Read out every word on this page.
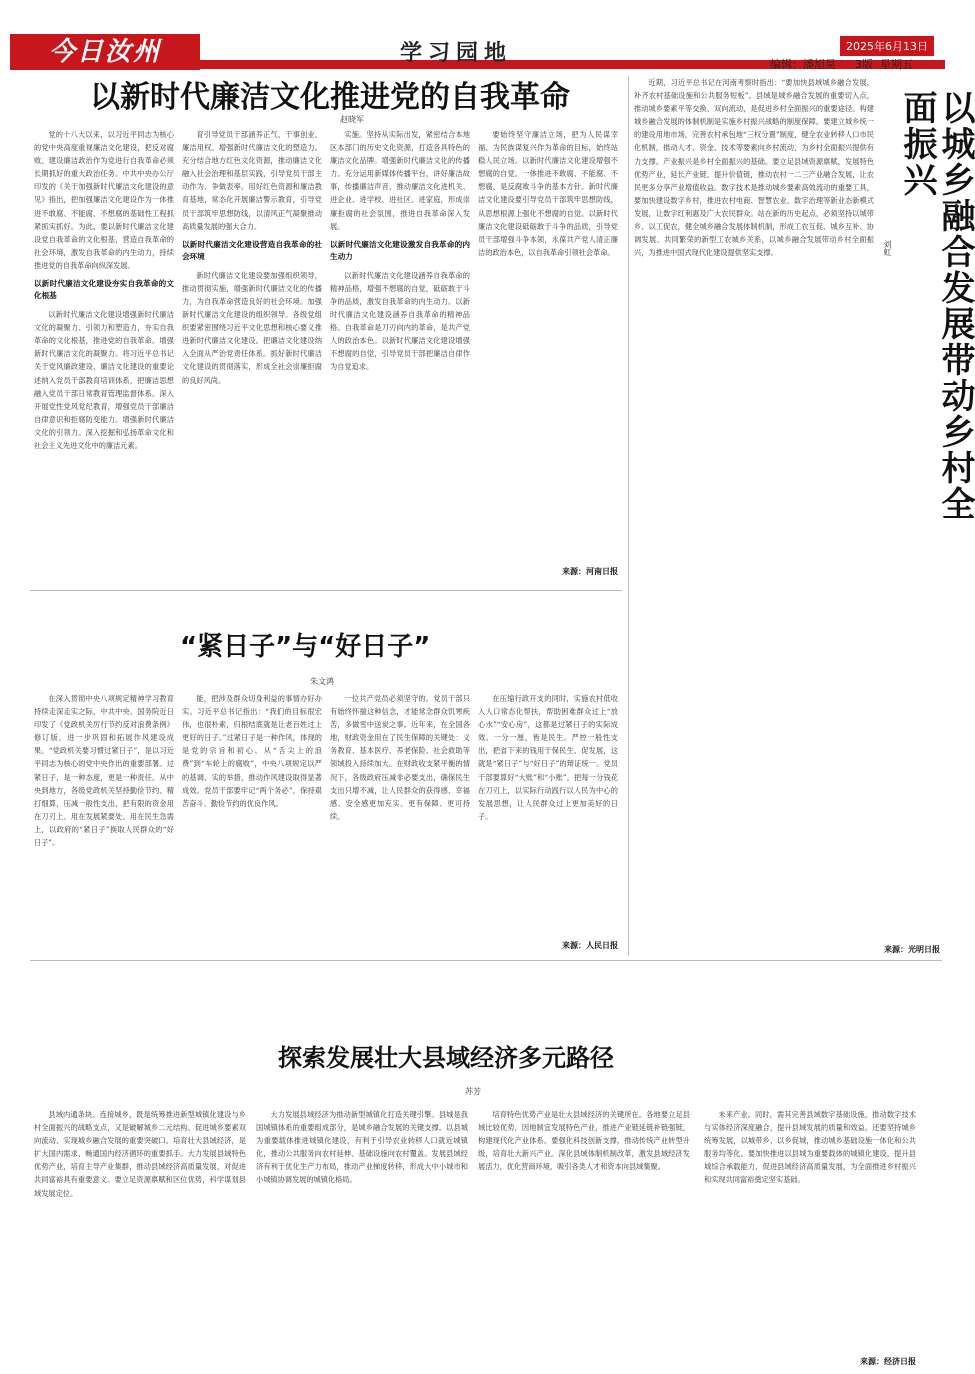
今日汝州	学习园地	2025年6月13日
编辑：潘旭昊 3版 星期五
以新时代廉洁文化推进党的自我革命
赵晓军

党的十八大以来，以习近平同志为核心的党中央高度重视廉洁文化建设，把反对腐败、建设廉洁政治作为党进行自我革命必须长期抓好的重大政治任务。中共中央办公厅印发的《关于加强新时代廉洁文化建设的意见》指出，把加强廉洁文化建设作为一体推进不敢腐、不能腐、不想腐的基础性工程抓紧抓实抓好。为此，要以新时代廉洁文化建设党自我革命的文化根基，营造自我革命的社会环境，激发自我革命的内生动力，持续推进党的自我革命向纵深发展。

以新时代廉洁文化建设夯实自我革命的文化根基

以新时代廉洁文化建设增强新时代廉洁文化的凝聚力、引领力和塑造力，夯实自我革命的文化根基，推进党的自我革命。增强新时代廉洁文化的凝聚力。将习近平总书记关于党风廉政建设、廉洁文化建设的重要论述纳入党员干部教育培训体系，把廉洁思想融入党员干部日常教育管理监督体系。深入开展党性党风党纪教育，增强党员干部廉洁自律意识和拒腐防变能力。增强新时代廉洁文化的引领力。深入挖掘和弘扬革命文化和社会主义先进文化中的廉洁元素。

育引导党员干部涵养正气、干事创业、廉洁用权。增强新时代廉洁文化的塑造力。充分结合地方红色文化资源，推动廉洁文化融入社会治理和基层实践，引导党员干部主动作为、争做表率。用好红色资源和廉洁教育基地，常态化开展廉洁警示教育，引导党员干部筑牢思想防线，以清风正气凝聚推动高质量发展的强大合力。

以新时代廉洁文化建设营造自我革命的社会环境

新时代廉洁文化建设要加强组织领导，推动贯彻实施，增强新时代廉洁文化的传播力，为自我革命营造良好的社会环境。加强新时代廉洁文化建设的组织领导。各级党组织要紧密围绕习近平文化思想和核心要义推进新时代廉洁文化建设。把廉洁文化建设纳入全面从严治党责任体系。抓好新时代廉洁文化建设的贯彻落实，形成全社会崇廉拒腐的良好风尚。

实施。坚持从实际出发，紧密结合本地区本部门的历史文化资源，打造各具特色的廉洁文化品牌。增强新时代廉洁文化的传播力。充分运用新媒体传播平台，讲好廉洁故事，传播廉洁声音，推动廉洁文化进机关、进企业、进学校、进社区、进家庭，形成崇廉拒腐的社会氛围，推进自我革命深入发展。

以新时代廉洁文化建设激发自我革命的内生动力

以新时代廉洁文化建设涵养自我革命的精神品格，增强不想腐的自觉，砥砺敢于斗争的品质，激发自我革命的内生动力。以新时代廉洁文化建设涵养自我革命的精神品格。自我革命是刀刃向内的革命，是共产党人的政治本色。以新时代廉洁文化建设增强不想腐的自觉，引导党员干部把廉洁自律作为自觉追求。

要始终坚守廉洁立场，把为人民谋幸福、为民族谋复兴作为革命的目标，始终站稳人民立场。以新时代廉洁文化建设增强不想腐的自觉。一体推进不敢腐、不能腐、不想腐，是反腐败斗争的基本方针。新时代廉洁文化建设要引导党员干部筑牢思想防线，从思想根源上强化不想腐的自觉。以新时代廉洁文化建设砥砺敢于斗争的品质，引导党员干部增强斗争本领，永葆共产党人清正廉洁的政治本色，以自我革命引领社会革命。

来源：河南日报
“紧日子”与“好日子”
朱文鸿

在深入贯彻中央八项规定精神学习教育持续走深走实之际，中共中央、国务院近日印发了《党政机关厉行节约反对浪费条例》修订版，进一步巩固和拓展作风建设成果。“党政机关要习惯过紧日子”，是以习近平同志为核心的党中央作出的重要部署。过紧日子，是一种态度，更是一种责任。从中央到地方，各级党政机关坚持勤俭节约、精打细算，压减一般性支出，把有限的资金用在刀刃上、用在发展紧要处、用在民生急需上，以政府的“紧日子”换取人民群众的“好日子”。

能，把涉及群众切身利益的事情办好办实。习近平总书记指出：“我们的目标很宏伟，也很朴素，归根结底就是让老百姓过上更好的日子。”过紧日子是一种作风，体现的是党的宗旨和初心。从“舌尖上的浪费”到“车轮上的腐败”，中央八项规定以严的基调、实的举措，推动作风建设取得显著成效。党员干部要牢记“两个务必”，保持艰苦奋斗、勤俭节约的优良作风。

一位共产党员必须坚守的。党员干部只有始终怀揣这种信念，才能常念群众饥寒疾苦，多做雪中送炭之事。近年来，在全国各地，财政资金用在了民生保障的关键处：义务教育、基本医疗、养老保险、社会救助等领域投入持续加大。在财政收支紧平衡的情况下，各级政府压减非必要支出，确保民生支出只增不减，让人民群众的获得感、幸福感、安全感更加充实、更有保障、更可持续。

在压缩行政开支的同时，实施农村低收入人口常态化帮扶，帮助困难群众过上“放心水”“安心房”，这都是过紧日子的实际成效。一分一厘，皆是民生。严控一般性支出，把省下来的钱用于保民生、促发展，这就是“紧日子”与“好日子”的辩证统一。党员干部要算好“大账”和“小账”，把每一分钱花在刀刃上，以实际行动践行以人民为中心的发展思想，让人民群众过上更加美好的日子。

来源：人民日报

近期，习近平总书记在河南考察时指出：“要加快县域城乡融合发展，补齐农村基础设施和公共服务短板”。县域是城乡融合发展的重要切入点，推动城乡要素平等交换、双向流动，是促进乡村全面振兴的重要途径。构建城乡融合发展的体制机制是实施乡村振兴战略的制度保障。要建立城乡统一的建设用地市场，完善农村承包地“三权分置”制度，健全农业转移人口市民化机制，推动人才、资金、技术等要素向乡村流动，为乡村全面振兴提供有力支撑。产业振兴是乡村全面振兴的基础。要立足县域资源禀赋，发展特色优势产业，延长产业链、提升价值链，推动农村一二三产业融合发展，让农民更多分享产业增值收益。数字技术是推动城乡要素高效流动的重要工具，要加快建设数字乡村，推进农村电商、智慧农业、数字治理等新业态新模式发展，让数字红利惠及广大农民群众。站在新的历史起点，必须坚持以城带乡、以工促农，健全城乡融合发展体制机制，形成工农互促、城乡互补、协调发展、共同繁荣的新型工农城乡关系，以城乡融合发展带动乡村全面振兴，为推进中国式现代化建设提供坚实支撑。	以城乡融合发展带动乡村全面振兴
刘虹
来源：光明日报
探索发展壮大县域经济多元路径
苏芳

县域内通条块、连接城乡，既是统筹推进新型城镇化建设与乡村全面振兴的战略支点，又是破解城乡二元结构、促进城乡要素双向流动、实现城乡融合发展的重要突破口。培育壮大县域经济，是扩大国内需求、畅通国内经济循环的重要抓手。大力发展县域特色优势产业，培育主导产业集群，推动县域经济高质量发展，对促进共同富裕具有重要意义。要立足资源禀赋和区位优势，科学谋划县域发展定位。

大力发展县域经济为推动新型城镇化打造关键引擎。县城是我国城镇体系的重要组成部分，是城乡融合发展的关键支撑。以县城为重要载体推进城镇化建设，有利于引导农业转移人口就近城镇化，推动公共服务向农村延伸、基础设施向农村覆盖。发展县域经济有利于优化生产力布局，推动产业梯度转移，形成大中小城市和小城镇协调发展的城镇化格局。

培育特色优势产业是壮大县域经济的关键所在。各地要立足县域比较优势，因地制宜发展特色产业，推进产业链延链补链强链，构建现代化产业体系。要强化科技创新支撑，推动传统产业转型升级，培育壮大新兴产业。深化县域体制机制改革，激发县域经济发展活力，优化营商环境，吸引各类人才和资本向县域集聚。

未来产业。同时，需其完善县域数字基础设施，推动数字技术与实体经济深度融合，提升县域发展的质量和效益。还要坚持城乡统筹发展，以城带乡、以乡促城，推动城乡基础设施一体化和公共服务均等化。要加快推进以县城为重要载体的城镇化建设，提升县城综合承载能力，促进县域经济高质量发展，为全面推进乡村振兴和实现共同富裕奠定坚实基础。

来源：经济日报
